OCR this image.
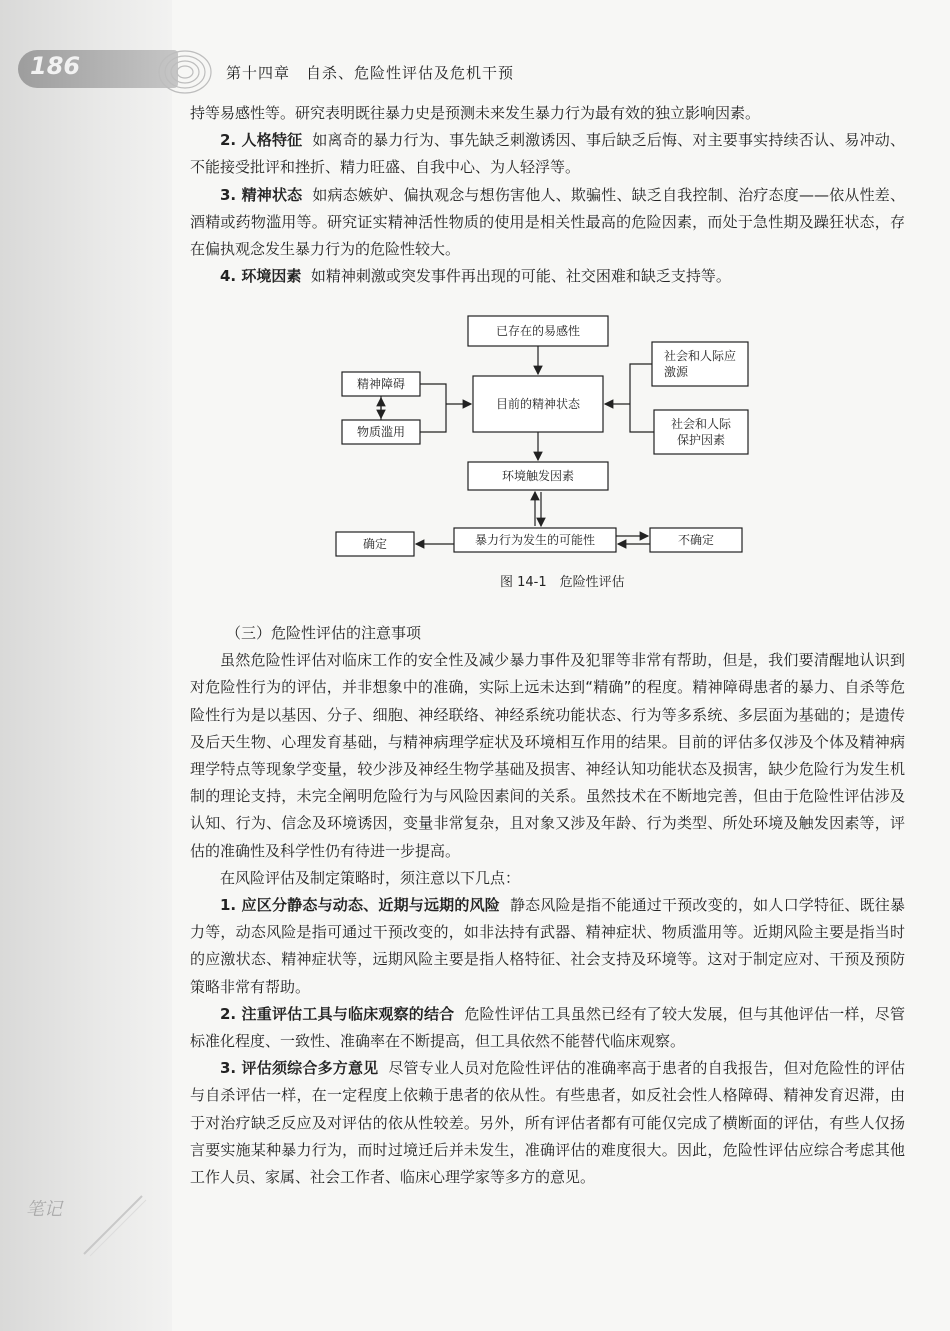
186	第十四章　自杀、危险性评估及危机干预

持等易感性等。研究表明既往暴力史是预测未来发生暴力行为最有效的独立影响因素。

2. 人格特征 如离奇的暴力行为、事先缺乏刺激诱因、事后缺乏后悔、对主要事实持续否认、易冲动、不能接受批评和挫折、精力旺盛、自我中心、为人轻浮等。

3. 精神状态 如病态嫉妒、偏执观念与想伤害他人、欺骗性、缺乏自我控制、治疗态度——依从性差、酒精或药物滥用等。研究证实精神活性物质的使用是相关性最高的危险因素，而处于急性期及躁狂状态，存在偏执观念发生暴力行为的危险性较大。

4. 环境因素 如精神刺激或突发事件再出现的可能、社交困难和缺乏支持等。

已存在的易感性
精神障碍
物质滥用
目前的精神状态
社会和人际应
激源
社会和人际
保护因素
环境触发因素
暴力行为发生的可能性
确定	不确定
图 14-1　危险性评估

（三）危险性评估的注意事项

虽然危险性评估对临床工作的安全性及减少暴力事件及犯罪等非常有帮助，但是，我们要清醒地认识到对危险性行为的评估，并非想象中的准确，实际上远未达到“精确”的程度。精神障碍患者的暴力、自杀等危险性行为是以基因、分子、细胞、神经联络、神经系统功能状态、行为等多系统、多层面为基础的；是遗传及后天生物、心理发育基础，与精神病理学症状及环境相互作用的结果。目前的评估多仅涉及个体及精神病理学特点等现象学变量，较少涉及神经生物学基础及损害、神经认知功能状态及损害，缺少危险行为发生机制的理论支持，未完全阐明危险行为与风险因素间的关系。虽然技术在不断地完善，但由于危险性评估涉及认知、行为、信念及环境诱因，变量非常复杂，且对象又涉及年龄、行为类型、所处环境及触发因素等，评估的准确性及科学性仍有待进一步提高。

在风险评估及制定策略时，须注意以下几点：

1. 应区分静态与动态、近期与远期的风险 静态风险是指不能通过干预改变的，如人口学特征、既往暴力等，动态风险是指可通过干预改变的，如非法持有武器、精神症状、物质滥用等。近期风险主要是指当时的应激状态、精神症状等，远期风险主要是指人格特征、社会支持及环境等。这对于制定应对、干预及预防策略非常有帮助。

2. 注重评估工具与临床观察的结合 危险性评估工具虽然已经有了较大发展，但与其他评估一样，尽管标准化程度、一致性、准确率在不断提高，但工具依然不能替代临床观察。

3. 评估须综合多方意见 尽管专业人员对危险性评估的准确率高于患者的自我报告，但对危险性的评估与自杀评估一样，在一定程度上依赖于患者的依从性。有些患者，如反社会性人格障碍、精神发育迟滞，由于对治疗缺乏反应及对评估的依从性较差。另外，所有评估者都有可能仅完成了横断面的评估，有些人仅扬言要实施某种暴力行为，而时过境迁后并未发生，准确评估的难度很大。因此，危险性评估应综合考虑其他工作人员、家属、社会工作者、临床心理学家等多方的意见。

笔记
